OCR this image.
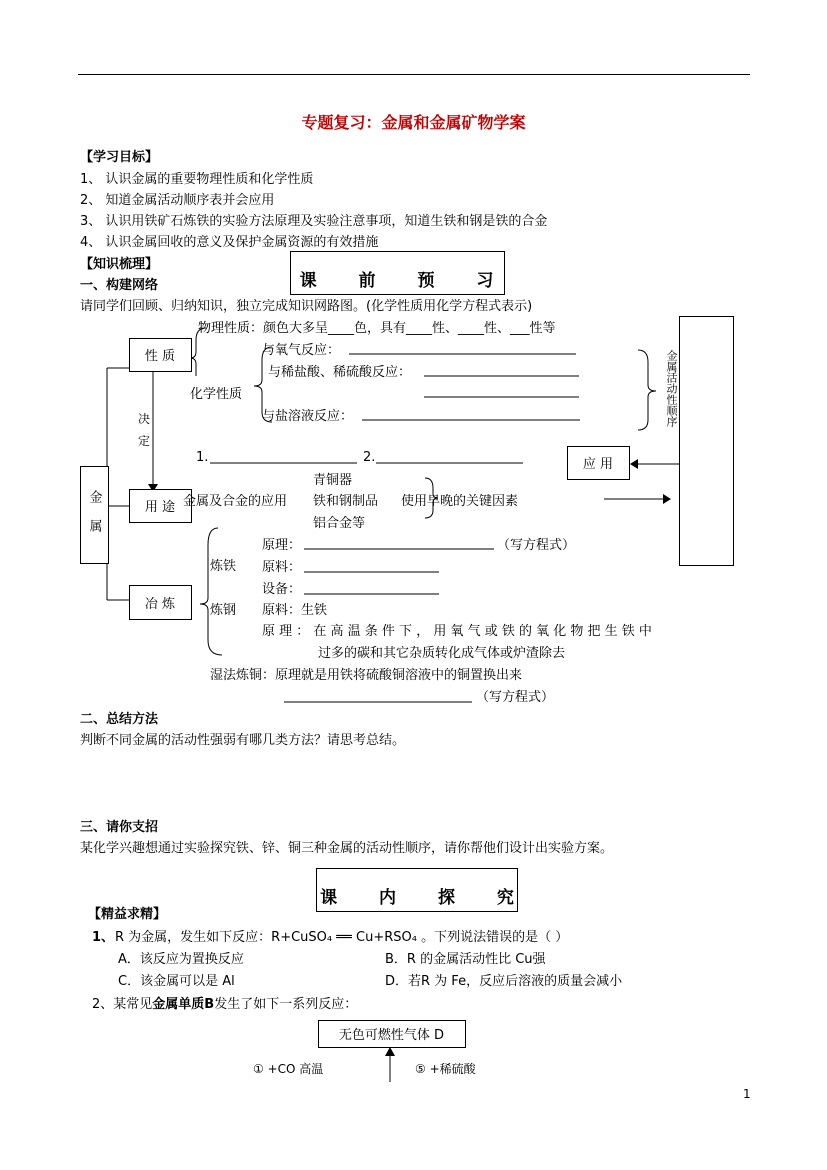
专题复习：金属和金属矿物学案
【学习目标】
1、 认识金属的重要物理性质和化学性质
2、 知道金属活动顺序表并会应用
3、 认识用铁矿石炼铁的实验方法原理及实验注意事项，知道生铁和钢是铁的合金
4、 认识金属回收的意义及保护金属资源的有效措施
【知识梳理】
课 前 预 习
一、构建网络
请同学们回顾、归纳知识，独立完成知识网路图。(化学性质用化学方程式表示)
金 属
性 质
用 途
冶 炼
决 定
应 用
金属活动性顺序
物理性质：颜色大多呈____色，具有____性、____性、___性等
化学性质
与氧气反应：
与稀盐酸、稀硫酸反应：
与盐溶液反应：
1.	2.
青铜器
铁和钢制品
铝合金等
金属及合金的应用	使用早晚的关键因素
炼铁
原理：	（写方程式）
原料：
设备：
炼钢 原料：生铁
原 理 ： 在 高 温 条 件 下 ， 用 氧 气 或 铁 的 氧 化 物 把 生 铁 中
过多的碳和其它杂质转化成气体或炉渣除去
湿法炼铜：原理就是用铁将硫酸铜溶液中的铜置换出来
（写方程式）
二、总结方法
判断不同金属的活动性强弱有哪几类方法？请思考总结。
三、请你支招
某化学兴趣想通过实验探究铁、锌、铜三种金属的活动性顺序，请你帮他们设计出实验方案。
课 内 探 究
【精益求精】
1、 R 为金属，发生如下反应：R+CuSO₄ ══ Cu+RSO₄ 。下列说法错误的是（ ）
A．该反应为置换反应	B．R 的金属活动性比 Cu强
C．该金属可以是 Al	D．若R 为 Fe，反应后溶液的质量会减小
2、某常见金属单质B发生了如下一系列反应：
无色可燃性气体 D
① +CO 高温	⑤ +稀硫酸
1
